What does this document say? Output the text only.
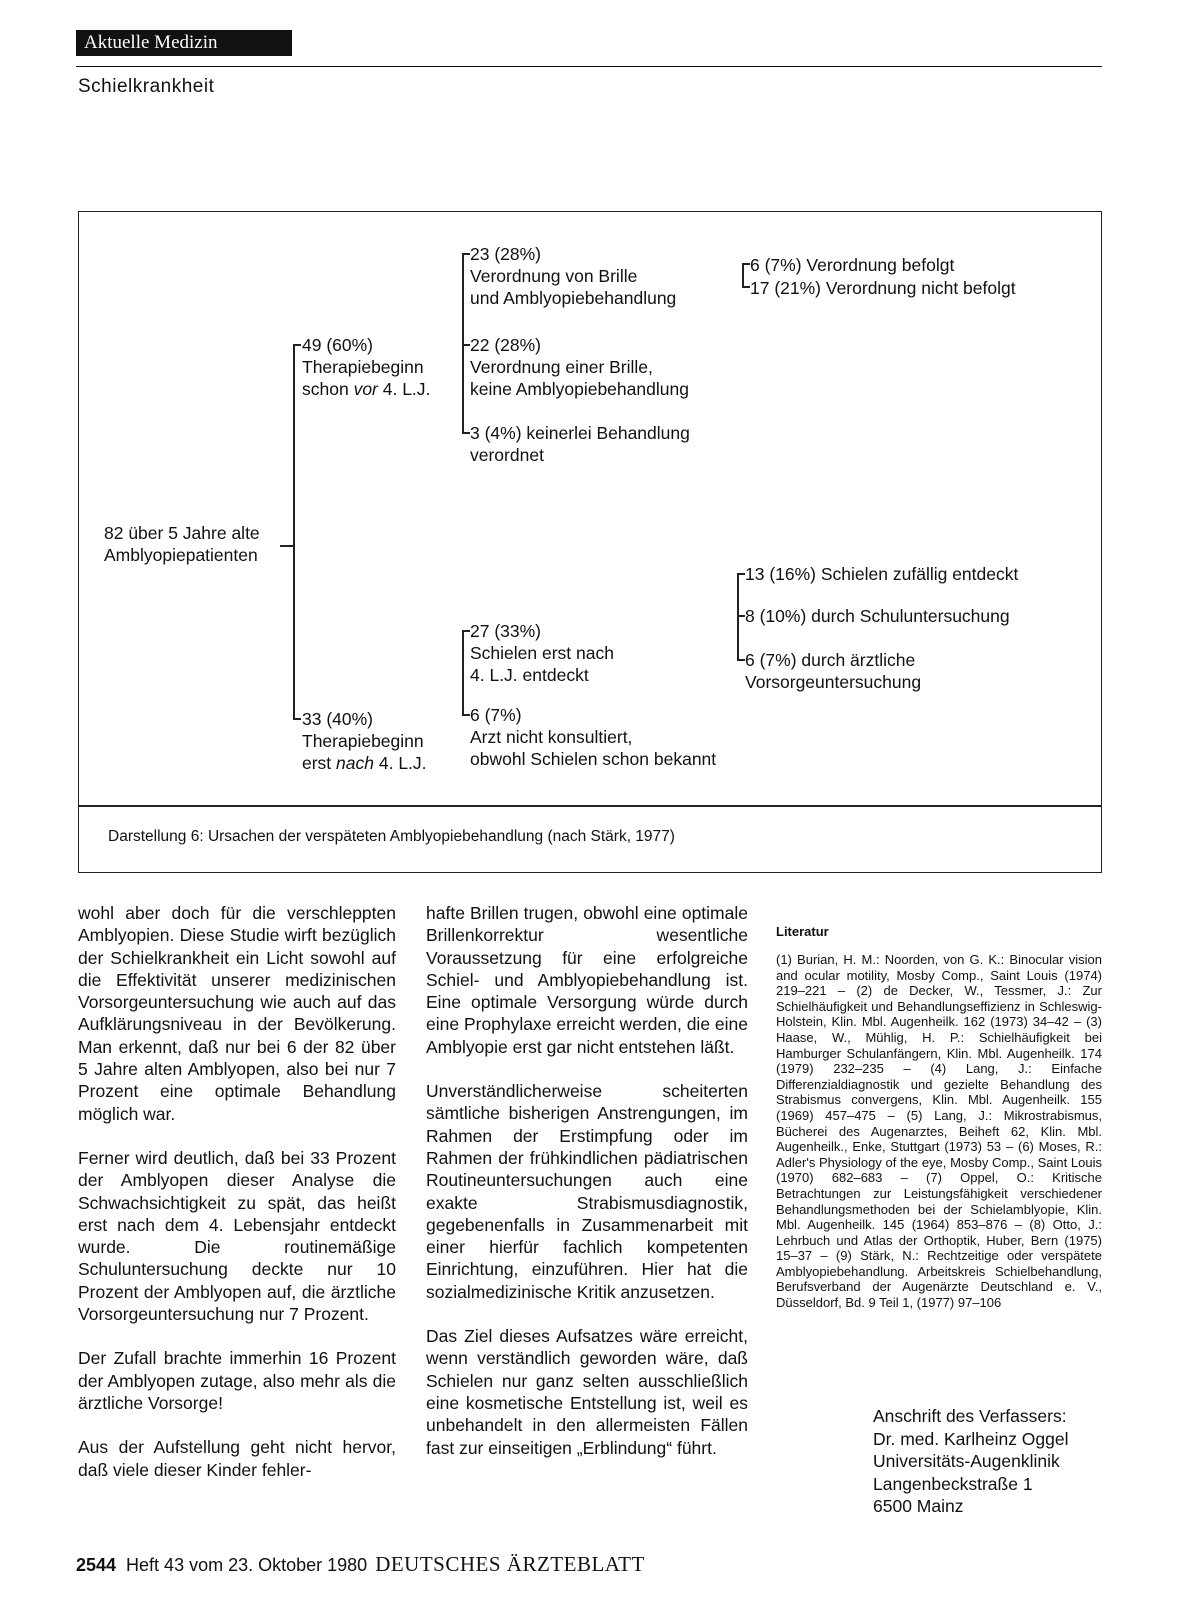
Aktuelle Medizin
Schielkrankheit
82 über 5 Jahre alte
Amblyopiepatienten
49 (60%)
Therapiebeginn
schon vor 4. L.J.
23 (28%)
Verordnung von Brille
und Amblyopiebehandlung
22 (28%)
Verordnung einer Brille,
keine Amblyopiebehandlung
3 (4%) keinerlei Behandlung
verordnet
6 (7%) Verordnung befolgt
17 (21%) Verordnung nicht befolgt
33 (40%)
Therapiebeginn
erst nach 4. L.J.
27 (33%)
Schielen erst nach
4. L.J. entdeckt
6 (7%)
Arzt nicht konsultiert,
obwohl Schielen schon bekannt
13 (16%) Schielen zufällig entdeckt
8 (10%) durch Schuluntersuchung
6 (7%) durch ärztliche
Vorsorgeuntersuchung
Darstellung 6: Ursachen der verspäteten Amblyopiebehandlung (nach Stärk, 1977)

wohl aber doch für die verschleppten Amblyopien. Diese Studie wirft bezüglich der Schielkrankheit ein Licht sowohl auf die Effektivität unserer medizinischen Vorsorgeuntersuchung wie auch auf das Aufklärungsniveau in der Bevölkerung. Man erkennt, daß nur bei 6 der 82 über 5 Jahre alten Amblyopen, also bei nur 7 Prozent eine optimale Behandlung möglich war.

Ferner wird deutlich, daß bei 33 Prozent der Amblyopen dieser Analyse die Schwachsichtigkeit zu spät, das heißt erst nach dem 4. Lebensjahr entdeckt wurde. Die routinemäßige Schuluntersuchung deckte nur 10 Prozent der Amblyopen auf, die ärztliche Vorsorgeuntersuchung nur 7 Prozent.

Der Zufall brachte immerhin 16 Prozent der Amblyopen zutage, also mehr als die ärztliche Vorsorge!

Aus der Aufstellung geht nicht hervor, daß viele dieser Kinder fehler-

hafte Brillen trugen, obwohl eine optimale Brillenkorrektur wesentliche Voraussetzung für eine erfolgreiche Schiel- und Amblyopiebehandlung ist. Eine optimale Versorgung würde durch eine Prophylaxe erreicht werden, die eine Amblyopie erst gar nicht entstehen läßt.

Unverständlicherweise scheiterten sämtliche bisherigen Anstrengungen, im Rahmen der Erstimpfung oder im Rahmen der frühkindlichen pädiatrischen Routineuntersuchungen auch eine exakte Strabismusdiagnostik, gegebenenfalls in Zusammenarbeit mit einer hierfür fachlich kompetenten Einrichtung, einzuführen. Hier hat die sozialmedizinische Kritik anzusetzen.

Das Ziel dieses Aufsatzes wäre erreicht, wenn verständlich geworden wäre, daß Schielen nur ganz selten ausschließlich eine kosmetische Entstellung ist, weil es unbehandelt in den allermeisten Fällen fast zur einseitigen „Erblindung“ führt.

Literatur
(1) Burian, H. M.: Noorden, von G. K.: Binocular vision and ocular motility, Mosby Comp., Saint Louis (1974) 219–221 – (2) de Decker, W., Tessmer, J.: Zur Schielhäufigkeit und Behandlungseffizienz in Schleswig-Holstein, Klin. Mbl. Augenheilk. 162 (1973) 34–42 – (3) Haase, W., Mühlig, H. P.: Schielhäufigkeit bei Hamburger Schulanfängern, Klin. Mbl. Augenheilk. 174 (1979) 232–235 – (4) Lang, J.: Einfache Differenzialdiagnostik und gezielte Behandlung des Strabismus convergens, Klin. Mbl. Augenheilk. 155 (1969) 457–475 – (5) Lang, J.: Mikrostrabismus, Bücherei des Augenarztes, Beiheft 62, Klin. Mbl. Augenheilk., Enke, Stuttgart (1973) 53 – (6) Moses, R.: Adler's Physiology of the eye, Mosby Comp., Saint Louis (1970) 682–683 – (7) Oppel, O.: Kritische Betrachtungen zur Leistungsfähigkeit verschiedener Behandlungsmethoden bei der Schielamblyopie, Klin. Mbl. Augenheilk. 145 (1964) 853–876 – (8) Otto, J.: Lehrbuch und Atlas der Orthoptik, Huber, Bern (1975) 15–37 – (9) Stärk, N.: Rechtzeitige oder verspätete Amblyopiebehandlung. Arbeitskreis Schielbehandlung, Berufsverband der Augenärzte Deutschland e. V., Düsseldorf, Bd. 9 Teil 1, (1977) 97–106
Anschrift des Verfassers:
Dr. med. Karlheinz Oggel
Universitäts-Augenklinik
Langenbeckstraße 1
6500 Mainz
2544 Heft 43 vom 23. Oktober 1980 DEUTSCHES ÄRZTEBLATT
